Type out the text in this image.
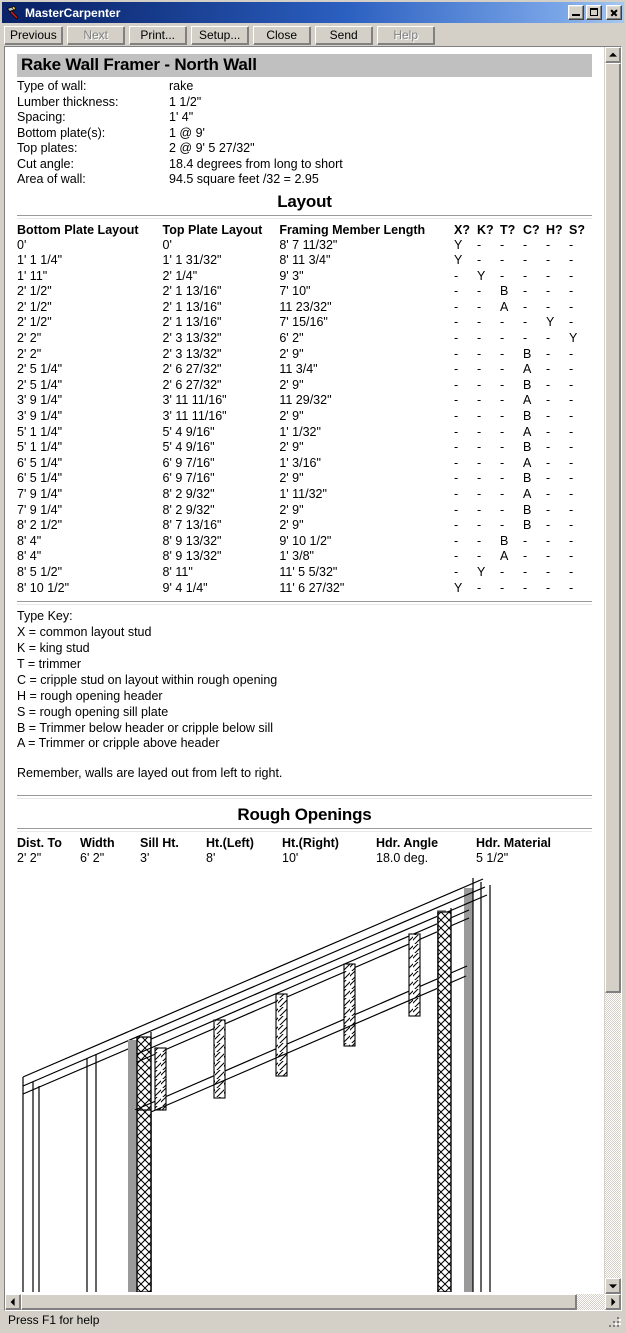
MasterCarpenter
Previous	Next	Print...	Setup...	Close	Send	Help
Rake Wall Framer - North Wall
Type of wall:	rake
Lumber thickness:	1 1/2"
Spacing:	1' 4"
Bottom plate(s):	1 @ 9'
Top plates:	2 @ 9' 5 27/32"
Cut angle:	18.4 degrees from long to short
Area of wall:	94.5 square feet /32 = 2.95
Layout
Bottom Plate Layout	Top Plate Layout	Framing Member Length	X? K? T? C? H? S?
0'	0'	8' 7 11/32"	Y - - - - -
1' 1 1/4"	1' 1 31/32"	8' 11 3/4"	Y - - - - -
1' 11"	2' 1/4"	9' 3"	- Y - - - -
2' 1/2"	2' 1 13/16"	7' 10"	- - B - - -
2' 1/2"	2' 1 13/16"	11 23/32"	- - A - - -
2' 1/2"	2' 1 13/16"	7' 15/16"	- - - - Y -
2' 2"	2' 3 13/32"	6' 2"	- - - - - Y
2' 2"	2' 3 13/32"	2' 9"	- - - B - -
2' 5 1/4"	2' 6 27/32"	11 3/4"	- - - A - -
2' 5 1/4"	2' 6 27/32"	2' 9"	- - - B - -
3' 9 1/4"	3' 11 11/16"	11 29/32"	- - - A - -
3' 9 1/4"	3' 11 11/16"	2' 9"	- - - B - -
5' 1 1/4"	5' 4 9/16"	1' 1/32"	- - - A - -
5' 1 1/4"	5' 4 9/16"	2' 9"	- - - B - -
6' 5 1/4"	6' 9 7/16"	1' 3/16"	- - - A - -
6' 5 1/4"	6' 9 7/16"	2' 9"	- - - B - -
7' 9 1/4"	8' 2 9/32"	1' 11/32"	- - - A - -
7' 9 1/4"	8' 2 9/32"	2' 9"	- - - B - -
8' 2 1/2"	8' 7 13/16"	2' 9"	- - - B - -
8' 4"	8' 9 13/32"	9' 10 1/2"	- - B - - -
8' 4"	8' 9 13/32"	1' 3/8"	- - A - - -
8' 5 1/2"	8' 11"	11' 5 5/32"	- Y - - - -
8' 10 1/2"	9' 4 1/4"	11' 6 27/32"	Y - - - - -
Type Key:
X = common layout stud
K = king stud
T = trimmer
C = cripple stud on layout within rough opening
H = rough opening header
S = rough opening sill plate
B = Trimmer below header or cripple below sill
A = Trimmer or cripple above header
Remember, walls are layed out from left to right.
Rough Openings
Dist. To	Width	Sill Ht.	Ht.(Left)	Ht.(Right)	Hdr. Angle	Hdr. Material
2' 2"	6' 2"	3'	8'	10'	18.0 deg.	5 1/2"
Press F1 for help
